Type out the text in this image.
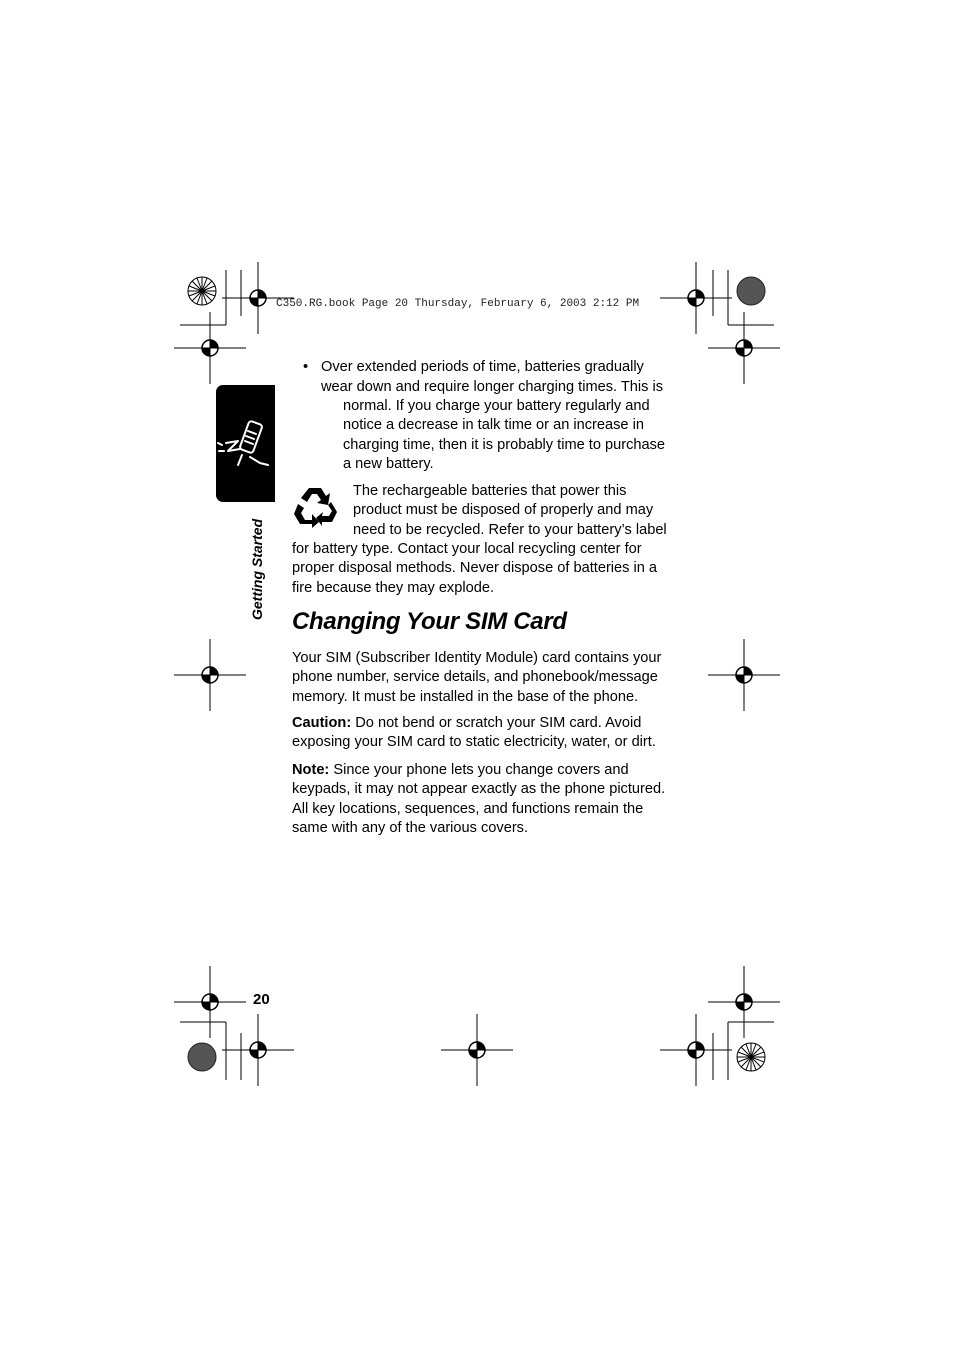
C350.RG.book Page 20 Thursday, February 6, 2003 2:12 PM
Getting Started
• Over extended periods of time, batteries gradually
wear down and require longer charging times. This is
normal. If you charge your battery regularly and
notice a decrease in talk time or an increase in
charging time, then it is probably time to purchase
a new battery.
The rechargeable batteries that power this
product must be disposed of properly and may
need to be recycled. Refer to your battery’s label
for battery type. Contact your local recycling center for
proper disposal methods. Never dispose of batteries in a
fire because they may explode.
Changing Your SIM Card
Your SIM (Subscriber Identity Module) card contains your
phone number, service details, and phonebook/message
memory. It must be installed in the base of the phone.
Caution: Do not bend or scratch your SIM card. Avoid
exposing your SIM card to static electricity, water, or dirt.
Note: Since your phone lets you change covers and
keypads, it may not appear exactly as the phone pictured.
All key locations, sequences, and functions remain the
same with any of the various covers.
20
